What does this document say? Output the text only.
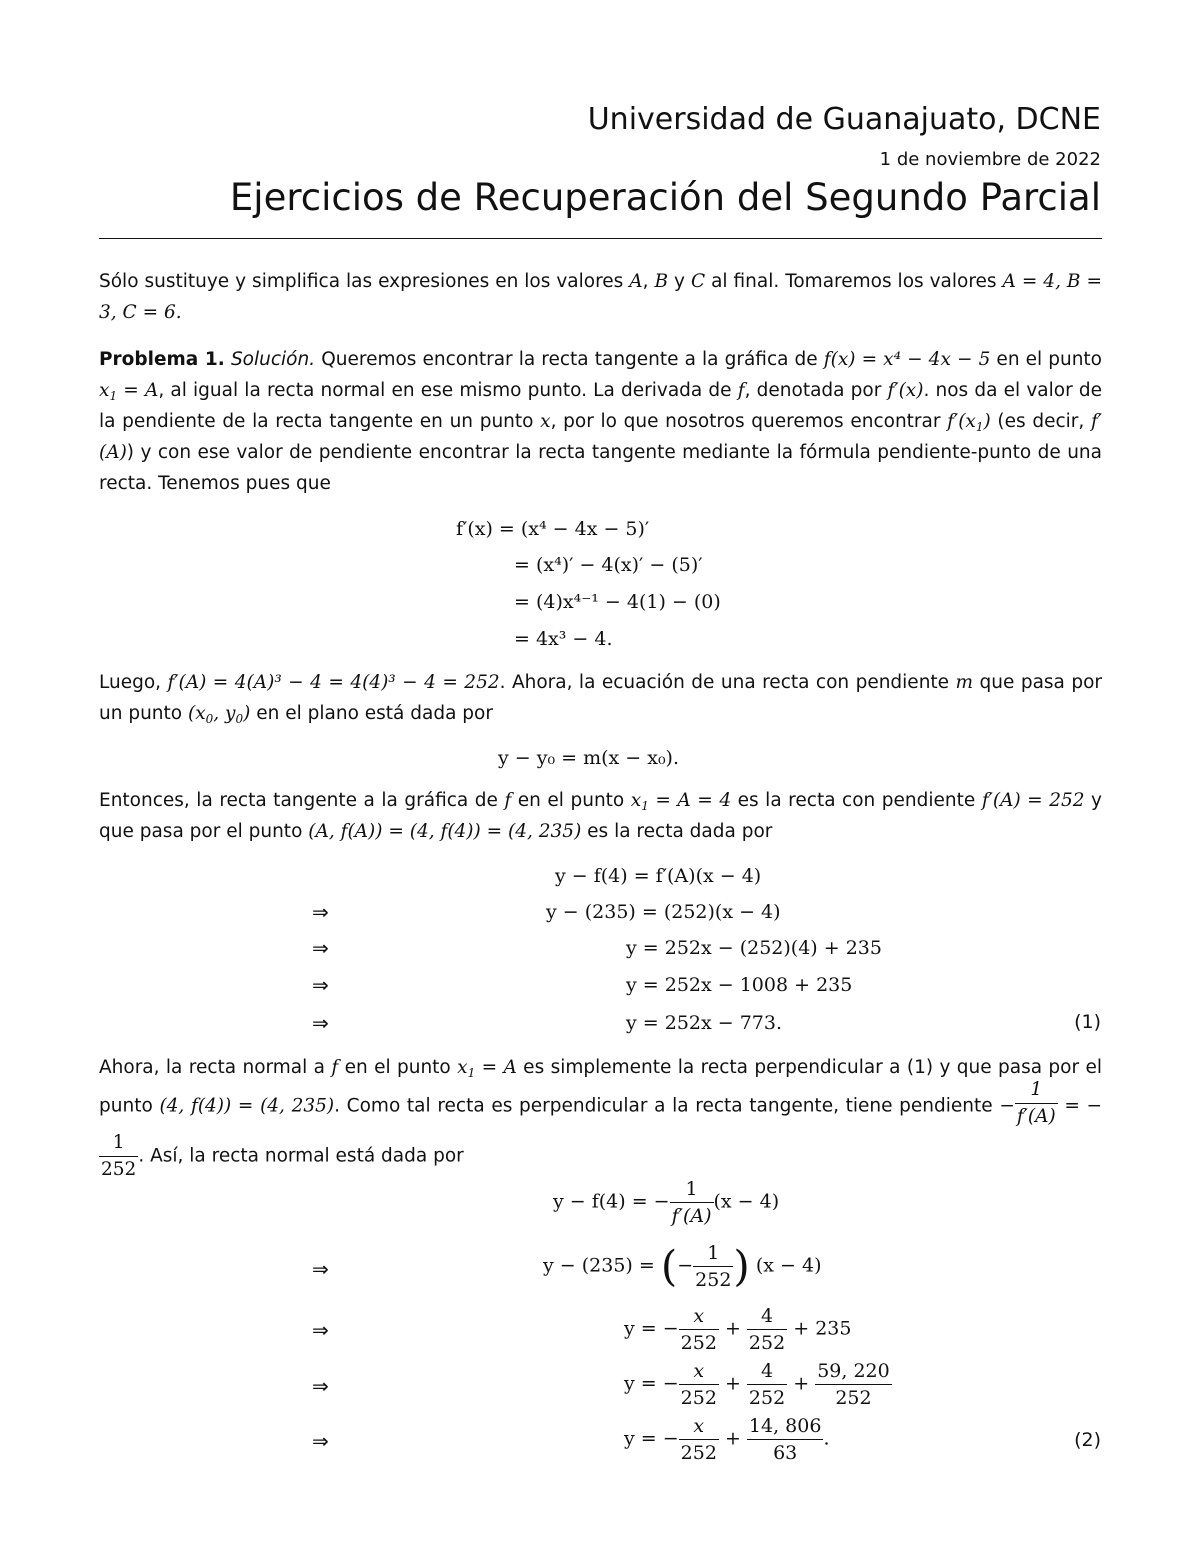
Universidad de Guanajuato, DCNE
1 de noviembre de 2022
Ejercicios de Recuperación del Segundo Parcial
Sólo sustituye y simplifica las expresiones en los valores A, B y C al final. Tomaremos los valores A = 4, B = 3, C = 6.
Problema 1. Solución. Queremos encontrar la recta tangente a la gráfica de f(x) = x⁴ − 4x − 5 en el punto $x_1 = A$, al igual la recta normal en ese mismo punto. La derivada de f, denotada por f′(x). nos da el valor de la pendiente de la recta tangente en un punto x, por lo que nosotros queremos encontrar $f'(x_1)$ (es decir, f′(A)) y con ese valor de pendiente encontrar la recta tangente mediante la fórmula pendiente-punto de una recta. Tenemos pues que
f′(x) = (x⁴ − 4x − 5)′
= (x⁴)′ − 4(x)′ − (5)′
= (4)x⁴⁻¹ − 4(1) − (0)
= 4x³ − 4.
Luego, f′(A) = 4(A)³ − 4 = 4(4)³ − 4 = 252. Ahora, la ecuación de una recta con pendiente m que pasa por un punto ($x_0$, $y_0$) en el plano está dada por
y − y₀ = m(x − x₀).
Entonces, la recta tangente a la gráfica de f en el punto $x_1 = A = 4$ es la recta con pendiente f′(A) = 252 y que pasa por el punto (A, f(A)) = (4, f(4)) = (4, 235) es la recta dada por
y − f(4) = f′(A)(x − 4)
⇒	y − (235) = (252)(x − 4)
⇒	y = 252x − (252)(4) + 235
⇒	y = 252x − 1008 + 235
⇒	y = 252x − 773.	(1)
Ahora, la recta normal a f en el punto $x_1 = A$ es simplemente la recta perpendicular a (1) y que pasa por el punto (4, f(4)) = (4, 235). Como tal recta es perpendicular a la recta tangente, tiene pendiente − $\frac{1}{f'(A)}$ = −
$\frac{1}{252}$ . Así, la recta normal está dada por
y − f(4) = − $\frac{1}{f'(A)} (x - 4)$
⇒	y − (235) = (− $\frac{1}{252}$ ) (x − 4)
⇒	y = − $\frac{x}{252} + \frac{4}{252} + 235$
⇒	y = − $\frac{x}{252} + \frac{4}{252} + \frac{59, 220}{252}$
⇒	y = − $\frac{x}{252} + \frac{14, 806}{63}$ .	(2)
